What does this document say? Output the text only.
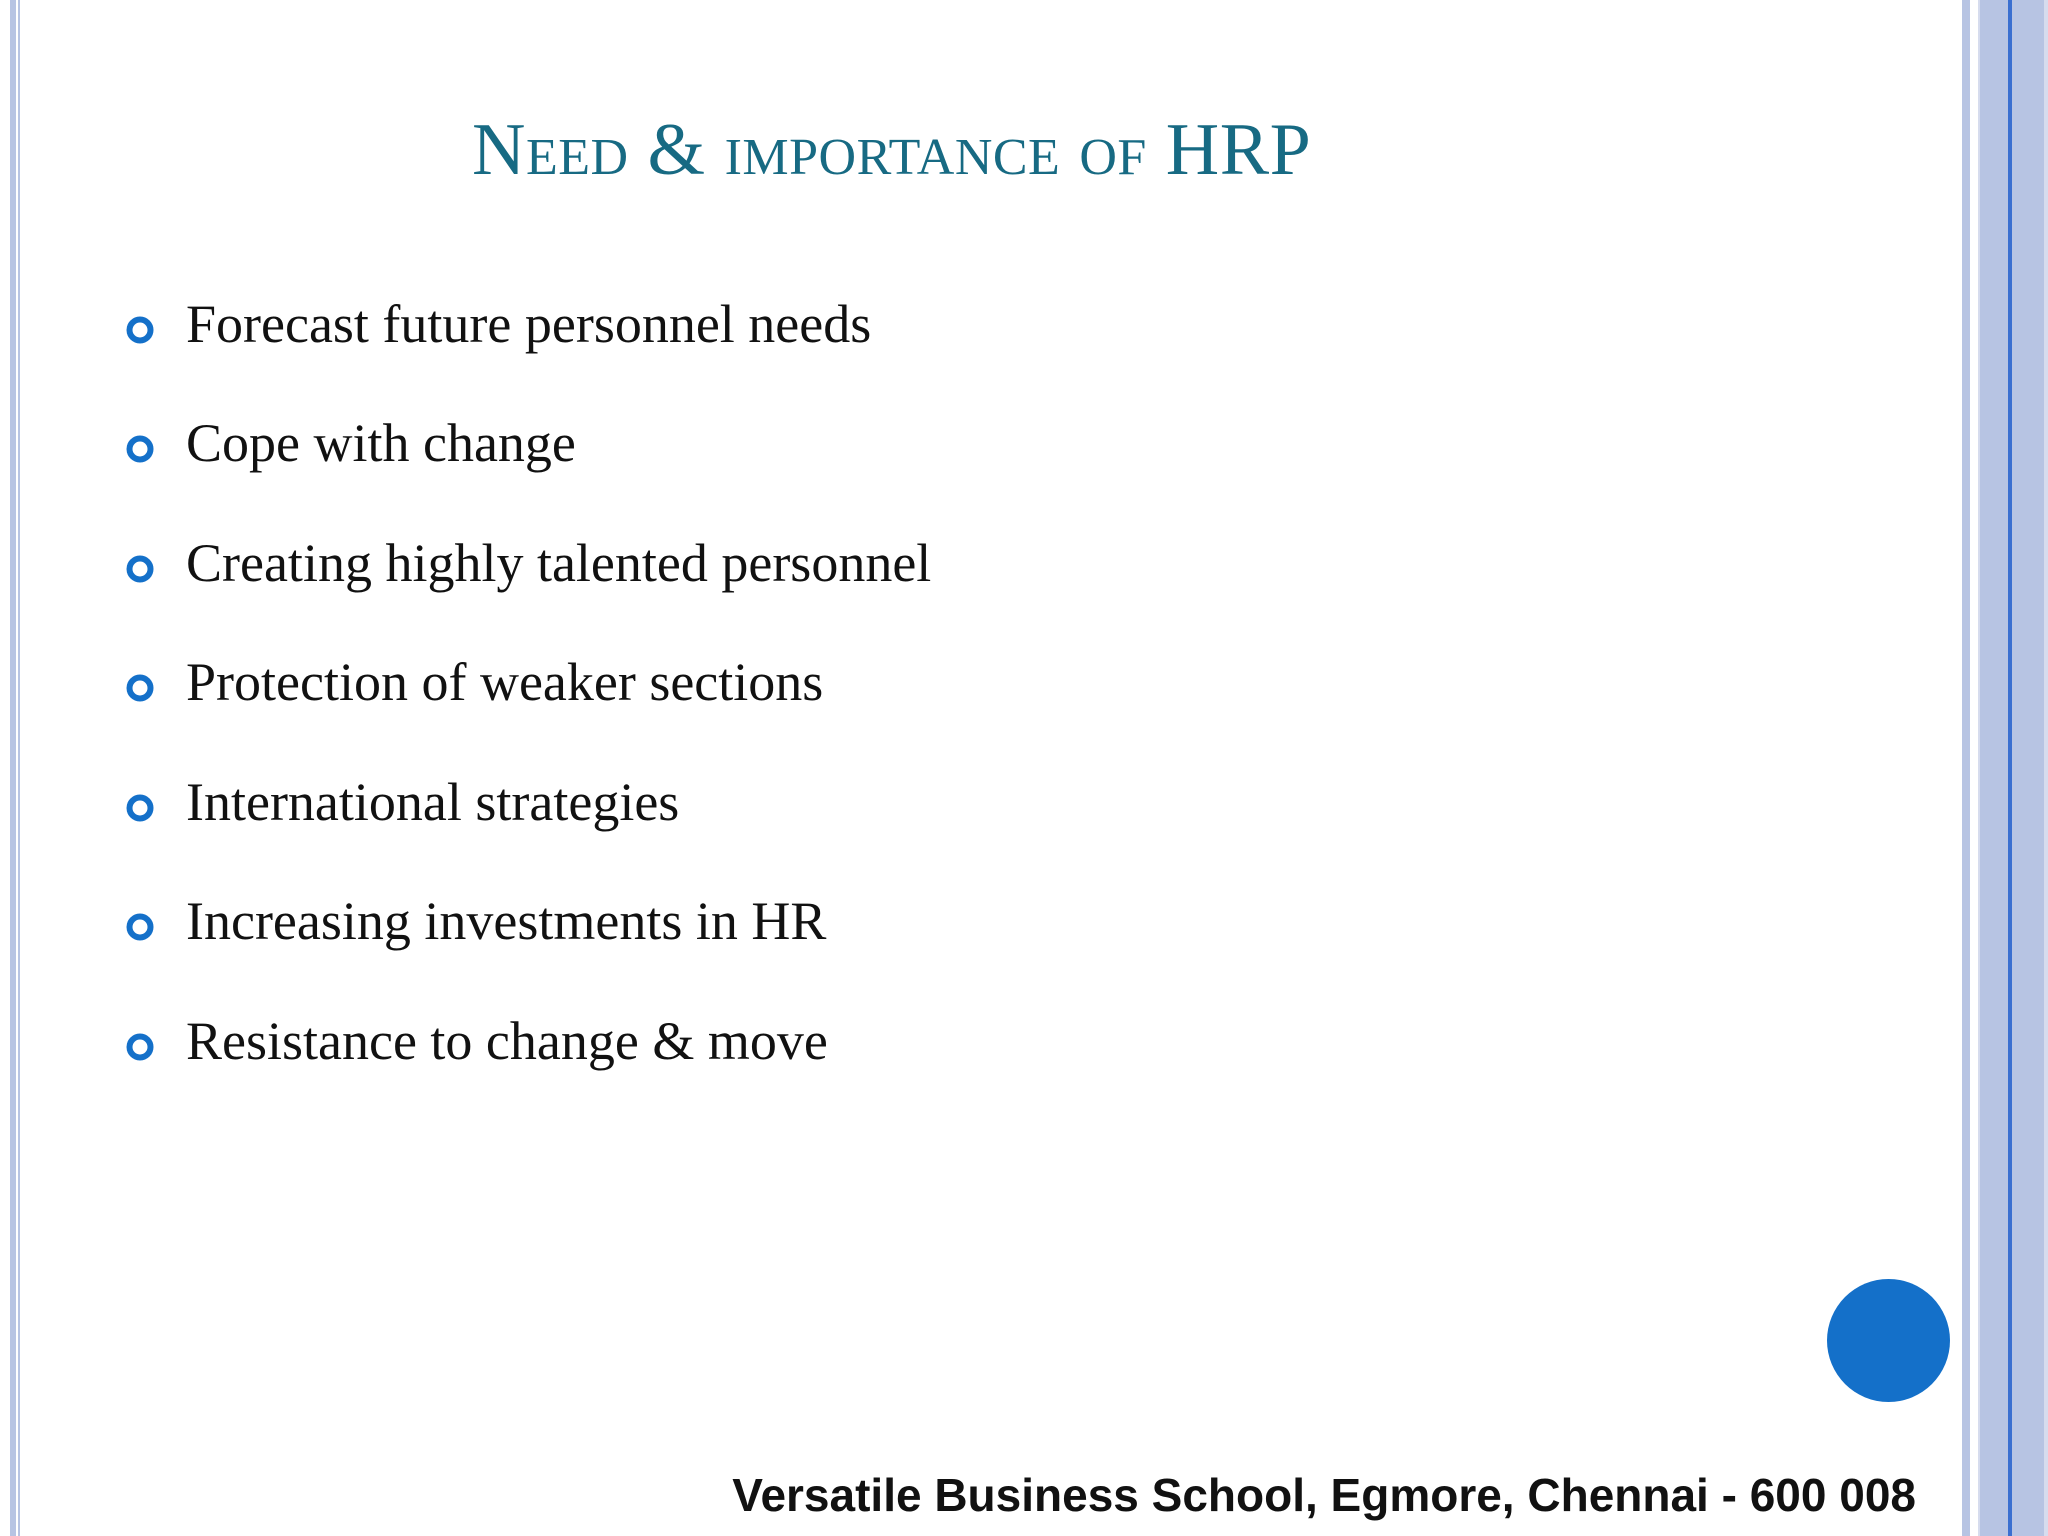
Need & importance of HRP
Forecast future personnel needs
Cope with change
Creating highly talented personnel
Protection of weaker sections
International strategies
Increasing investments in HR
Resistance to change & move
Versatile Business School, Egmore, Chennai - 600 008
